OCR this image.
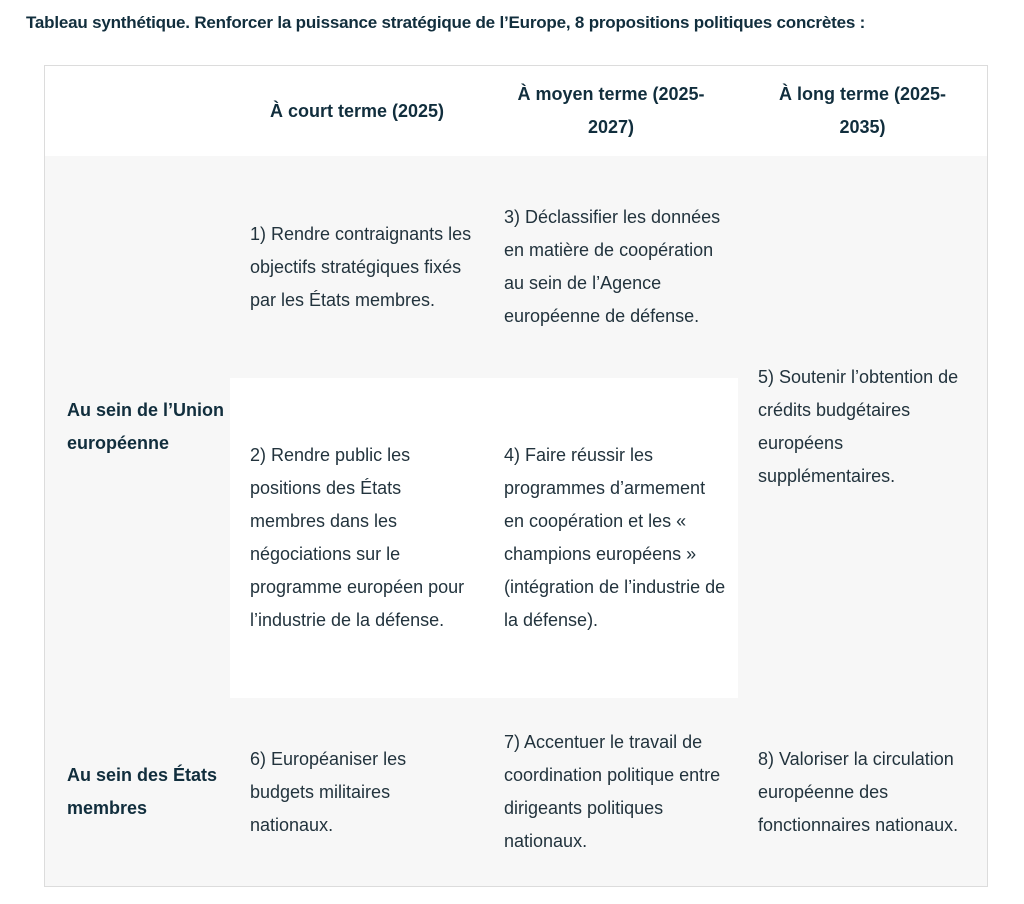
Tableau synthétique. Renforcer la puissance stratégique de l’Europe, 8 propositions politiques concrètes :
À court terme (2025)
À moyen terme (2025-2027)
À long terme (2025-2035)
Au sein de l’Union européenne
1) Rendre contraignants les objectifs stratégiques fixés par les États membres.
3) Déclassifier les données en matière de coopération au sein de l’Agence européenne de défense.
2) Rendre public les positions des États membres dans les négociations sur le programme européen pour l’industrie de la défense.
4) Faire réussir les programmes d’armement en coopération et les « champions européens » (intégration de l’industrie de la défense).
5) Soutenir l’obtention de crédits budgétaires européens supplémentaires.
Au sein des États membres
6) Européaniser les budgets militaires nationaux.
7) Accentuer le travail de coordination politique entre dirigeants politiques nationaux.
8) Valoriser la circulation européenne des fonctionnaires nationaux.
